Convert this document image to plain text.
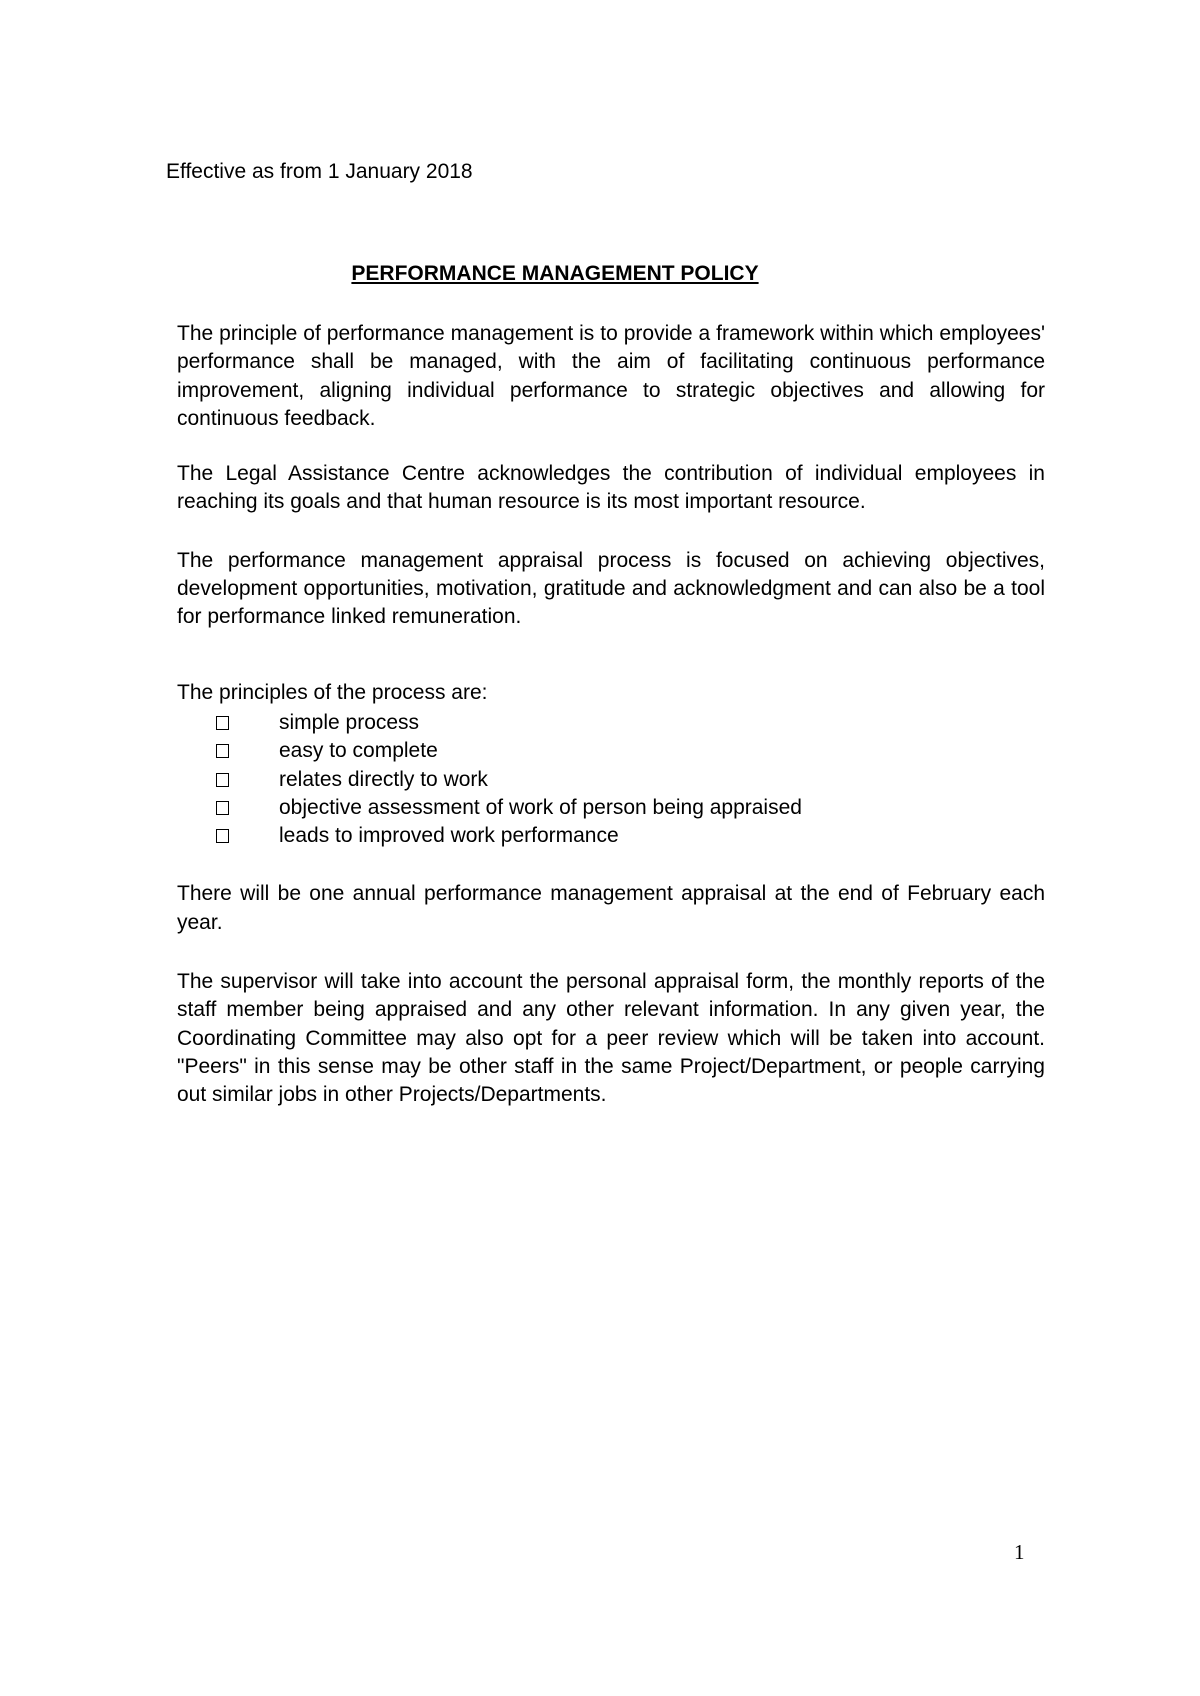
Effective as from 1 January 2018

PERFORMANCE MANAGEMENT POLICY

The principle of performance management is to provide a framework within which employees' performance shall be managed, with the aim of facilitating continuous performance improvement, aligning individual performance to strategic objectives and allowing for continuous feedback.

The Legal Assistance Centre acknowledges the contribution of individual employees in reaching its goals and that human resource is its most important resource.

The performance management appraisal process is focused on achieving objectives, development opportunities, motivation, gratitude and acknowledgment and can also be a tool for performance linked remuneration.

The principles of the process are:

simple process
easy to complete
relates directly to work
objective assessment of work of person being appraised
leads to improved work performance

There will be one annual performance management appraisal at the end of February each year.

The supervisor will take into account the personal appraisal form, the monthly reports of the staff member being appraised and any other relevant information. In any given year, the Coordinating Committee may also opt for a peer review which will be taken into account. "Peers" in this sense may be other staff in the same Project/Department, or people carrying out similar jobs in other Projects/Departments.

1
